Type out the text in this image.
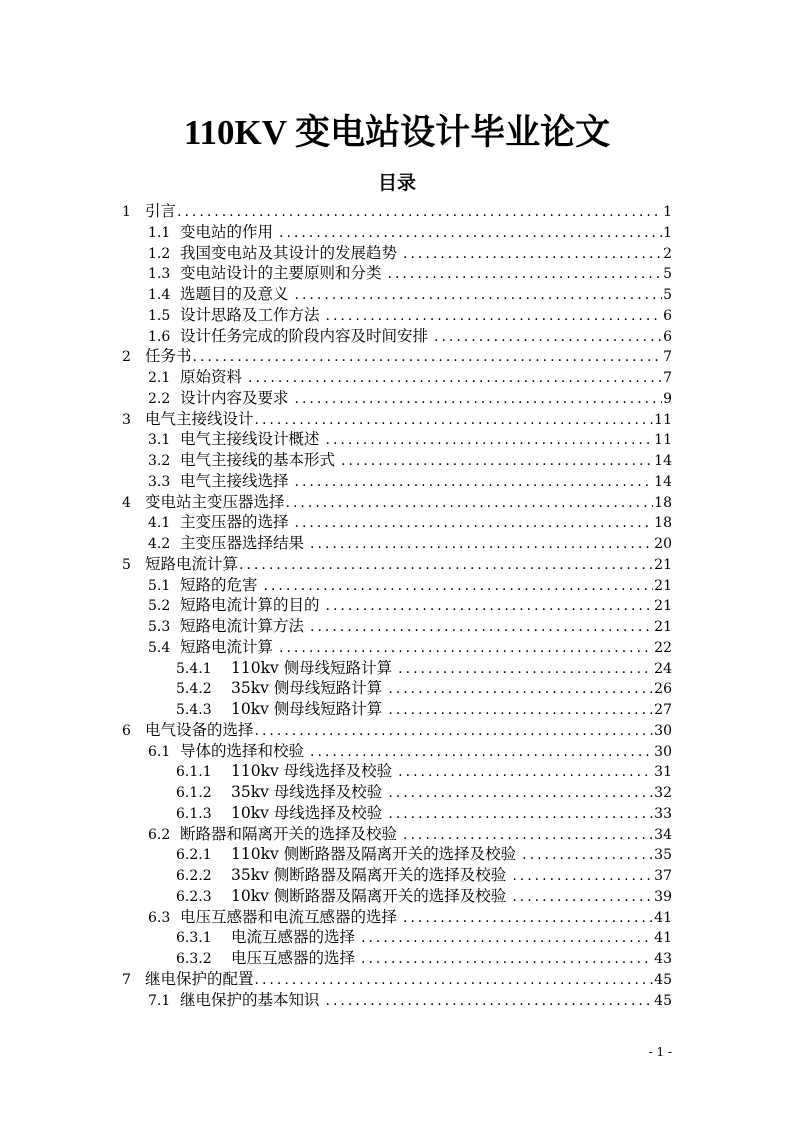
110KV 变电站设计毕业论文
目录
1 引言 .....	1
1.1 变电站的作用 .....	1
1.2 我国变电站及其设计的发展趋势 .....	2
1.3 变电站设计的主要原则和分类 .....	5
1.4 选题目的及意义 .....	5
1.5 设计思路及工作方法 .....	6
1.6 设计任务完成的阶段内容及时间安排 .....	6
2 任务书 .....	7
2.1 原始资料 .....	7
2.2 设计内容及要求 .....	9
3 电气主接线设计 .....	11
3.1 电气主接线设计概述 .....	11
3.2 电气主接线的基本形式 .....	14
3.3 电气主接线选择 .....	14
4 变电站主变压器选择 .....	18
4.1 主变压器的选择 .....	18
4.2 主变压器选择结果 .....	20
5 短路电流计算 .....	21
5.1 短路的危害 .....	21
5.2 短路电流计算的目的 .....	21
5.3 短路电流计算方法 .....	21
5.4 短路电流计算 .....	22
5.4.1	110kv 侧母线短路计算 .....	24
5.4.2	35kv 侧母线短路计算 .....	26
5.4.3	10kv 侧母线短路计算 .....	27
6 电气设备的选择 .....	30
6.1 导体的选择和校验 .....	30
6.1.1	110kv 母线选择及校验 .....	31
6.1.2	35kv 母线选择及校验 .....	32
6.1.3	10kv 母线选择及校验 .....	33
6.2 断路器和隔离开关的选择及校验 .....	34
6.2.1	110kv 侧断路器及隔离开关的选择及校验 .....	35
6.2.2	35kv 侧断路器及隔离开关的选择及校验 .....	37
6.2.3	10kv 侧断路器及隔离开关的选择及校验 .....	39
6.3 电压互感器和电流互感器的选择 .....	41
6.3.1	电流互感器的选择 .....	41
6.3.2	电压互感器的选择 .....	43
7 继电保护的配置 .....	45
7.1 继电保护的基本知识 .....	45
- 1 -
